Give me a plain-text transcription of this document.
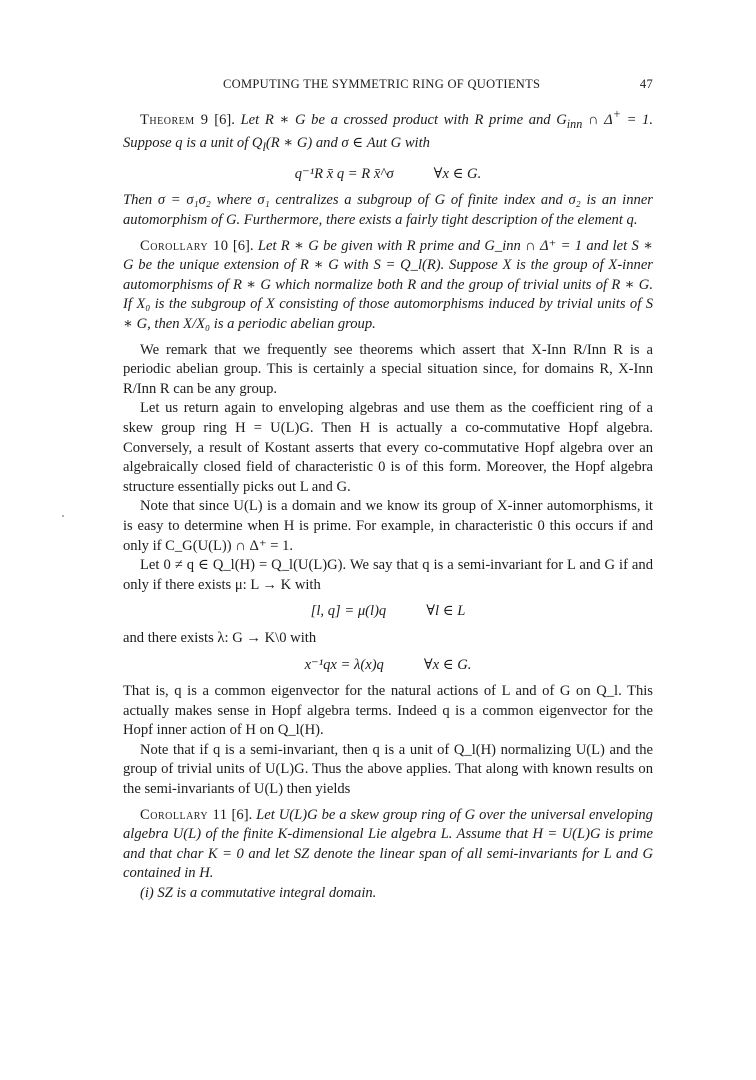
COMPUTING THE SYMMETRIC RING OF QUOTIENTS	47

Theorem 9 [6]. Let R ∗ G be a crossed product with R prime and $G_{inn}$ ∩ Δ+ = 1. Suppose q is a unit of $Q_l(R$ ∗ G) and σ ∈ Aut G with

q⁻¹R x̄ q = R x̄^σ	∀x ∈ G.

Then σ = σ₁σ₂ where σ₁ centralizes a subgroup of G of finite index and σ₂ is an inner automorphism of G. Furthermore, there exists a fairly tight description of the element q.

Corollary 10 [6]. Let R ∗ G be given with R prime and G_inn ∩ Δ⁺ = 1 and let S ∗ G be the unique extension of R ∗ G with S = Q_l(R). Suppose X is the group of X-inner automorphisms of R ∗ G which normalize both R and the group of trivial units of R ∗ G. If X₀ is the subgroup of X consisting of those automorphisms induced by trivial units of S ∗ G, then X/X₀ is a periodic abelian group.

We remark that we frequently see theorems which assert that X-Inn R/Inn R is a periodic abelian group. This is certainly a special situation since, for domains R, X-Inn R/Inn R can be any group.

Let us return again to enveloping algebras and use them as the coefficient ring of a skew group ring H = U(L)G. Then H is actually a co-commutative Hopf algebra. Conversely, a result of Kostant asserts that every co-commutative Hopf algebra over an algebraically closed field of characteristic 0 is of this form. Moreover, the Hopf algebra structure essentially picks out L and G.

Note that since U(L) is a domain and we know its group of X-inner automorphisms, it is easy to determine when H is prime. For example, in characteristic 0 this occurs if and only if C_G(U(L)) ∩ Δ⁺ = 1.

Let 0 ≠ q ∈ Q_l(H) = Q_l(U(L)G). We say that q is a semi-invariant for L and G if and only if there exists μ: L → K with

[l, q] = μ(l)q	∀l ∈ L

and there exists λ: G → K\0 with

x⁻¹qx = λ(x)q	∀x ∈ G.

That is, q is a common eigenvector for the natural actions of L and of G on Q_l. This actually makes sense in Hopf algebra terms. Indeed q is a common eigenvector for the Hopf inner action of H on Q_l(H).

Note that if q is a semi-invariant, then q is a unit of Q_l(H) normalizing U(L) and the group of trivial units of U(L)G. Thus the above applies. That along with known results on the semi-invariants of U(L) then yields

Corollary 11 [6]. Let U(L)G be a skew group ring of G over the universal enveloping algebra U(L) of the finite K-dimensional Lie algebra L. Assume that H = U(L)G is prime and that char K = 0 and let SZ denote the linear span of all semi-invariants for L and G contained in H.

(i) SZ is a commutative integral domain.
